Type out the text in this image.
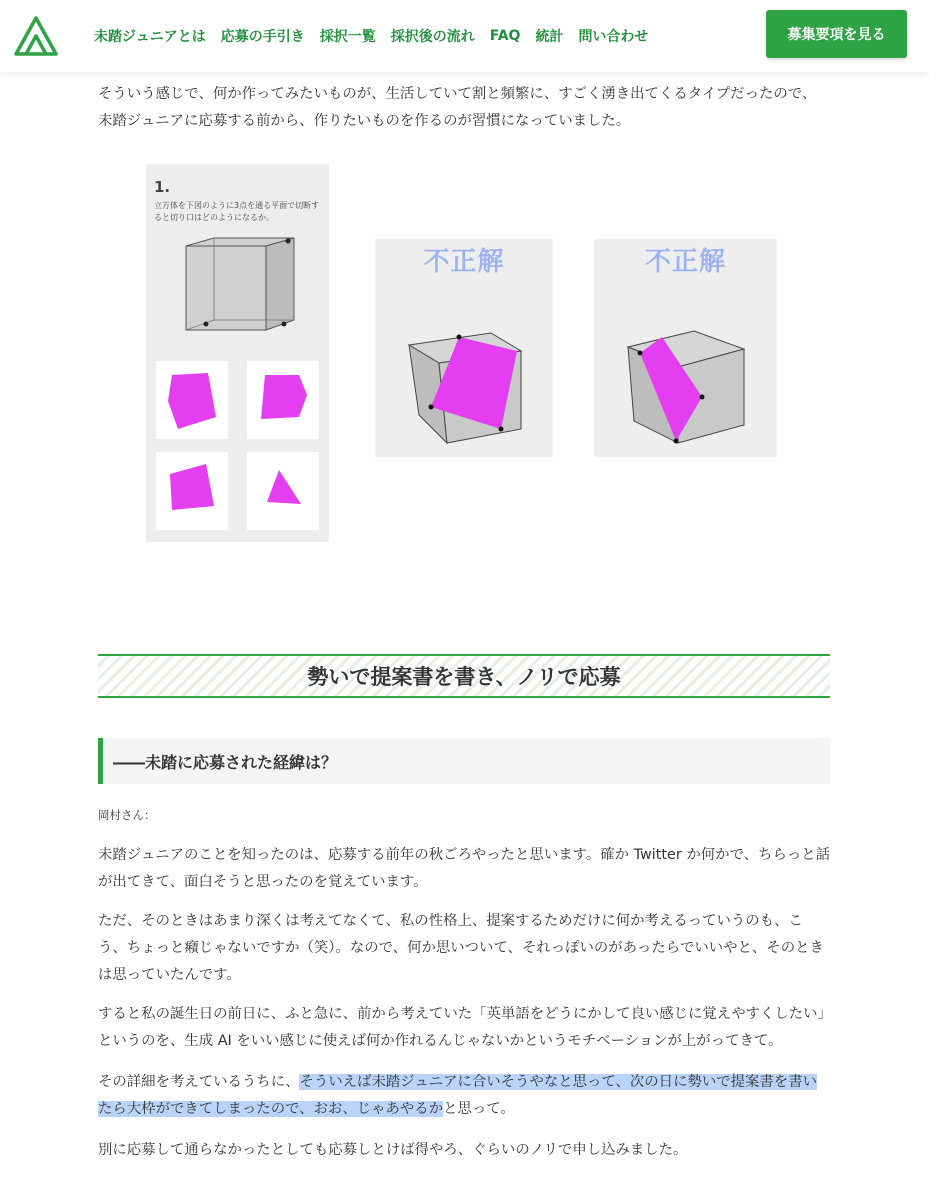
未踏ジュニアとは 応募の手引き 採択一覧 採択後の流れ FAQ 統計 問い合わせ	募集要項を見る

そういう感じで、何か作ってみたいものが、生活していて割と頻繁に、すごく湧き出てくるタイプだったので、未踏ジュニアに応募する前から、作りたいものを作るのが習慣になっていました。

1.
立方体を下図のように3点を通る平面で切断すると切り口はどのようになるか。
不正解	不正解
勢いで提案書を書き、ノリで応募
――未踏に応募された経緯は？

岡村さん：

未踏ジュニアのことを知ったのは、応募する前年の秋ごろやったと思います。確か Twitter か何かで、ちらっと話が出てきて、面白そうと思ったのを覚えています。

ただ、そのときはあまり深くは考えてなくて、私の性格上、提案するためだけに何か考えるっていうのも、こう、ちょっと癪じゃないですか（笑）。なので、何か思いついて、それっぽいのがあったらでいいやと、そのときは思っていたんです。

すると私の誕生日の前日に、ふと急に、前から考えていた「英単語をどうにかして良い感じに覚えやすくしたい」というのを、生成 AI をいい感じに使えば何か作れるんじゃないかというモチベーションが上がってきて。

その詳細を考えているうちに、そういえば未踏ジュニアに合いそうやなと思って、次の日に勢いで提案書を書いたら大枠ができてしまったので、おお、じゃあやるかと思って。

別に応募して通らなかったとしても応募しとけば得やろ、ぐらいのノリで申し込みました。
